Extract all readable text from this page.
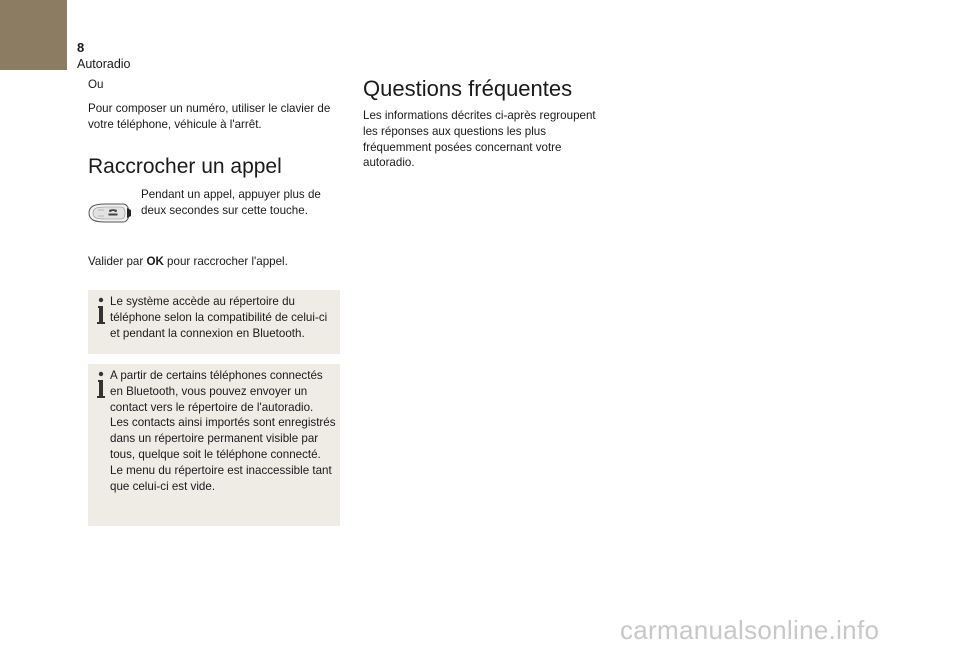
8
Autoradio

Ou

Pour composer un numéro, utiliser le clavier de votre téléphone, véhicule à l'arrêt.

Raccrocher un appel

Pendant un appel, appuyer plus de deux secondes sur cette touche.

Valider par OK pour raccrocher l'appel.

Le système accède au répertoire du téléphone selon la compatibilité de celui-ci et pendant la connexion en Bluetooth.

A partir de certains téléphones connectés en Bluetooth, vous pouvez envoyer un contact vers le répertoire de l'autoradio.

Les contacts ainsi importés sont enregistrés dans un répertoire permanent visible par tous, quelque soit le téléphone connecté.

Le menu du répertoire est inaccessible tant que celui-ci est vide.

Questions fréquentes

Les informations décrites ci-après regroupent les réponses aux questions les plus fréquemment posées concernant votre autoradio.

carmanualsonline.info
